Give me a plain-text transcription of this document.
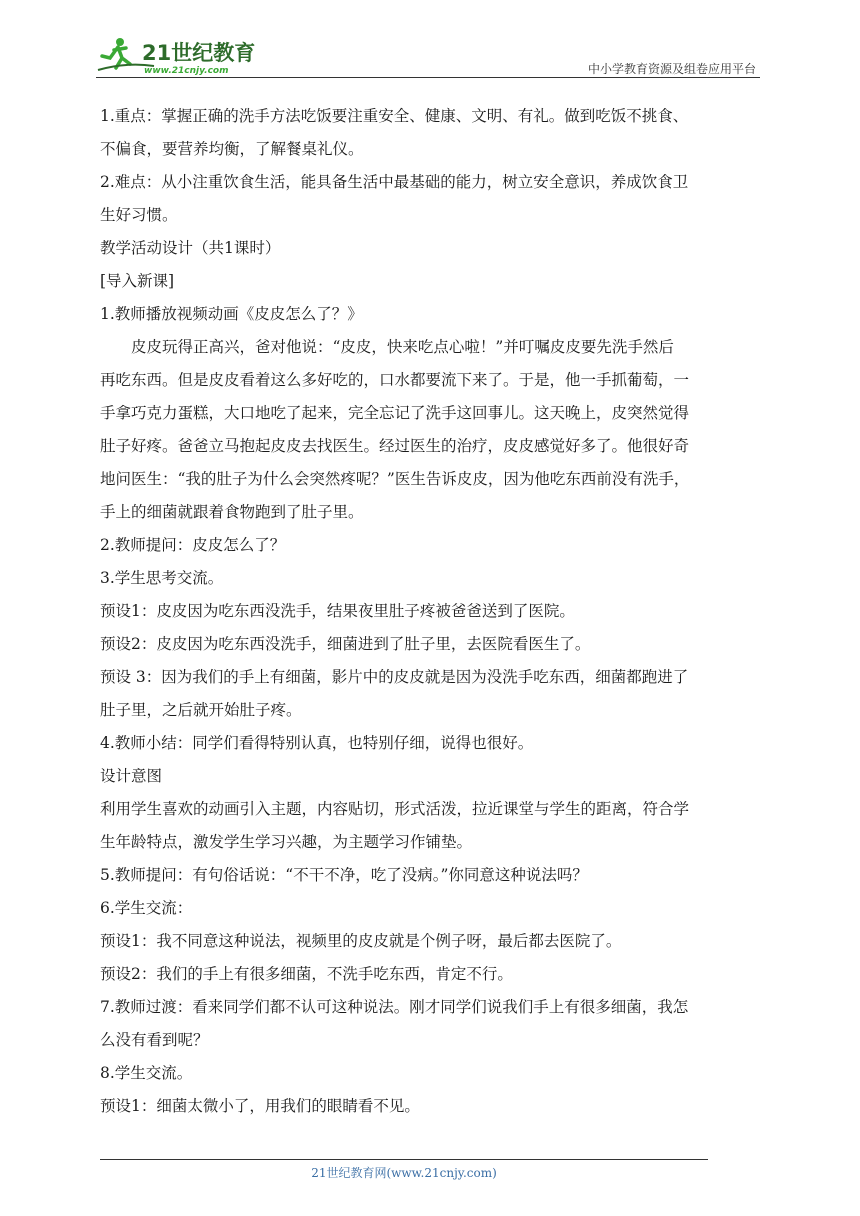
21世纪教育
www.21cnjy.com	中小学教育资源及组卷应用平台
1.重点：掌握正确的洗手方法吃饭要注重安全、健康、文明、有礼。做到吃饭不挑食、
不偏食，要营养均衡，了解餐桌礼仪。
2.难点：从小注重饮食生活，能具备生活中最基础的能力，树立安全意识，养成饮食卫
生好习惯。
教学活动设计（共1课时）
[导入新课]
1.教师播放视频动画《皮皮怎么了？》
皮皮玩得正高兴，爸对他说：“皮皮，快来吃点心啦！”并叮嘱皮皮要先洗手然后
再吃东西。但是皮皮看着这么多好吃的，口水都要流下来了。于是，他一手抓葡萄，一
手拿巧克力蛋糕，大口地吃了起来，完全忘记了洗手这回事儿。这天晚上，皮突然觉得
肚子好疼。爸爸立马抱起皮皮去找医生。经过医生的治疗，皮皮感觉好多了。他很好奇
地问医生：“我的肚子为什么会突然疼呢？”医生告诉皮皮，因为他吃东西前没有洗手，
手上的细菌就跟着食物跑到了肚子里。
2.教师提问：皮皮怎么了？
3.学生思考交流。
预设1：皮皮因为吃东西没洗手，结果夜里肚子疼被爸爸送到了医院。
预设2：皮皮因为吃东西没洗手，细菌进到了肚子里，去医院看医生了。
预设 3：因为我们的手上有细菌，影片中的皮皮就是因为没洗手吃东西，细菌都跑进了
肚子里，之后就开始肚子疼。
4.教师小结：同学们看得特别认真，也特别仔细，说得也很好。
设计意图
利用学生喜欢的动画引入主题，内容贴切，形式活泼，拉近课堂与学生的距离，符合学
生年龄特点，激发学生学习兴趣，为主题学习作铺垫。
5.教师提问：有句俗话说：“不干不净，吃了没病。”你同意这种说法吗？
6.学生交流：
预设1：我不同意这种说法，视频里的皮皮就是个例子呀，最后都去医院了。
预设2：我们的手上有很多细菌，不洗手吃东西，肯定不行。
7.教师过渡：看来同学们都不认可这种说法。刚才同学们说我们手上有很多细菌，我怎
么没有看到呢？
8.学生交流。
预设1：细菌太微小了，用我们的眼睛看不见。
21世纪教育网(www.21cnjy.com)
